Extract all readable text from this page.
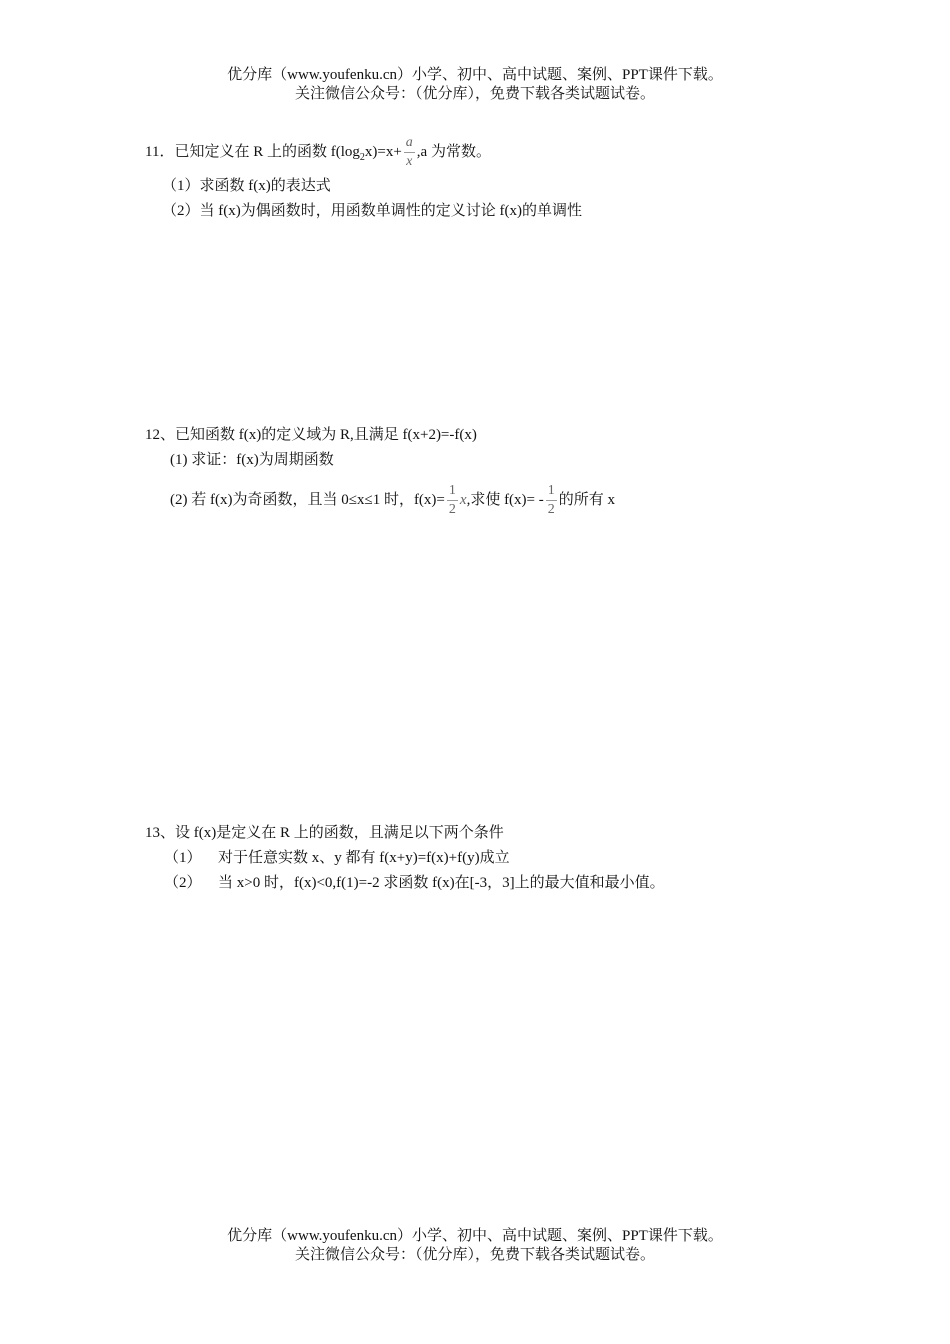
优分库（www.youfenku.cn）小学、初中、高中试题、案例、PPT课件下载。
关注微信公众号：（优分库），免费下载各类试题试卷。
11．已知定义在 R 上的函数 $f(\log_2x)=x+ \frac{a}{x} ,a$ 为常数。
（1）求函数 f(x)的表达式
（2）当 f(x)为偶函数时，用函数单调性的定义讨论 f(x)的单调性
12、已知函数 f(x)的定义域为 R,且满足 f(x+2)=-f(x)
(1) 求证：f(x)为周期函数
(2) 若 f(x)为奇函数，且当 0≤x≤1 时，$f(x)= \frac{1}{2} x$,求使 $f(x)= - \frac{1}{2}$ 的所有 x
13、设 f(x)是定义在 R 上的函数，且满足以下两个条件
（1） 对于任意实数 x、y 都有 f(x+y)=f(x)+f(y)成立
（2） 当 x>0 时，f(x)<0,f(1)=-2 求函数 f(x)在[-3，3]上的最大值和最小值。
优分库（www.youfenku.cn）小学、初中、高中试题、案例、PPT课件下载。
关注微信公众号：（优分库），免费下载各类试题试卷。
